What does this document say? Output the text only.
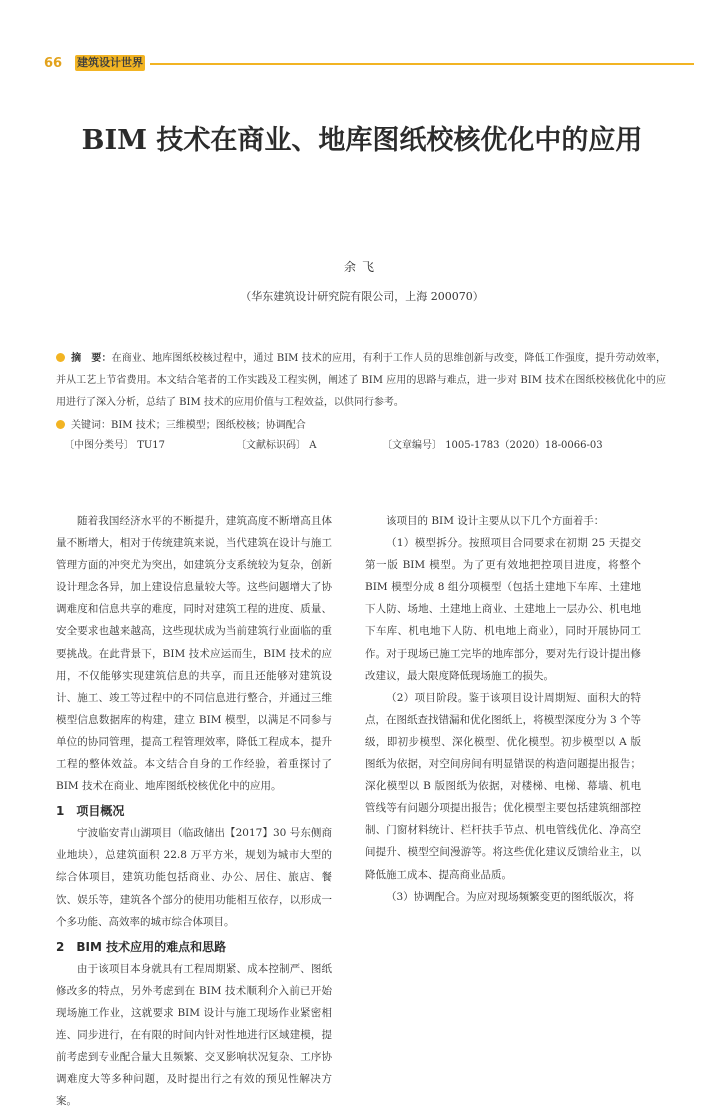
66 建筑设计世界
BIM 技术在商业、地库图纸校核优化中的应用
余飞
（华东建筑设计研究院有限公司，上海 200070）
摘　要：在商业、地库图纸校核过程中，通过 BIM 技术的应用，有利于工作人员的思维创新与改变，降低工作强度，提升劳动效率，并从工艺上节省费用。本文结合笔者的工作实践及工程实例，阐述了 BIM 应用的思路与难点，进一步对 BIM 技术在图纸校核优化中的应用进行了深入分析，总结了 BIM 技术的应用价值与工程效益，以供同行参考。
关键词：BIM 技术；三维模型；图纸校核；协调配合
〔中图分类号〕 TU17	〔文献标识码〕 A	〔文章编号〕 1005-1783（2020）18-0066-03

随着我国经济水平的不断提升，建筑高度不断增高且体量不断增大，相对于传统建筑来说，当代建筑在设计与施工管理方面的冲突尤为突出，如建筑分支系统较为复杂，创新设计理念各异，加上建设信息量较大等。这些问题增大了协调难度和信息共享的难度，同时对建筑工程的进度、质量、安全要求也越来越高，这些现状成为当前建筑行业面临的重要挑战。在此背景下，BIM 技术应运而生，BIM 技术的应用，不仅能够实现建筑信息的共享，而且还能够对建筑设计、施工、竣工等过程中的不同信息进行整合，并通过三维模型信息数据库的构建，建立 BIM 模型，以满足不同参与单位的协同管理，提高工程管理效率，降低工程成本，提升工程的整体效益。本文结合自身的工作经验，着重探讨了 BIM 技术在商业、地库图纸校核优化中的应用。

1　项目概况

宁波临安青山湖项目（临政储出【2017】30 号东侧商业地块），总建筑面积 22.8 万平方米，规划为城市大型的综合体项目，建筑功能包括商业、办公、居住、旅店、餐饮、娱乐等，建筑各个部分的使用功能相互依存，以形成一个多功能、高效率的城市综合体项目。

2　BIM 技术应用的难点和思路

由于该项目本身就具有工程周期紧、成本控制严、图纸修改多的特点，另外考虑到在 BIM 技术顺利介入前已开始现场施工作业，这就要求 BIM 设计与施工现场作业紧密相连、同步进行，在有限的时间内针对性地进行区域建模，提前考虑到专业配合量大且频繁、交叉影响状况复杂、工序协调难度大等多种问题，及时提出行之有效的预见性解决方案。

该项目的 BIM 设计主要从以下几个方面着手：

（1）模型拆分。按照项目合同要求在初期 25 天提交第一版 BIM 模型。为了更有效地把控项目进度，将整个 BIM 模型分成 8 组分项模型（包括土建地下车库、土建地下人防、场地、土建地上商业、土建地上一层办公、机电地下车库、机电地下人防、机电地上商业），同时开展协同工作。对于现场已施工完毕的地库部分，要对先行设计提出修改建议，最大限度降低现场施工的损失。

（2）项目阶段。鉴于该项目设计周期短、面积大的特点，在图纸查找错漏和优化图纸上，将模型深度分为 3 个等级，即初步模型、深化模型、优化模型。初步模型以 A 版图纸为依据，对空间房间有明显错误的构造问题提出报告；深化模型以 B 版图纸为依据，对楼梯、电梯、幕墙、机电管线等有问题分项提出报告；优化模型主要包括建筑细部控制、门窗材料统计、栏杆扶手节点、机电管线优化、净高空间提升、模型空间漫游等。将这些优化建议反馈给业主，以降低施工成本、提高商业品质。

（3）协调配合。为应对现场频繁变更的图纸版次，将
